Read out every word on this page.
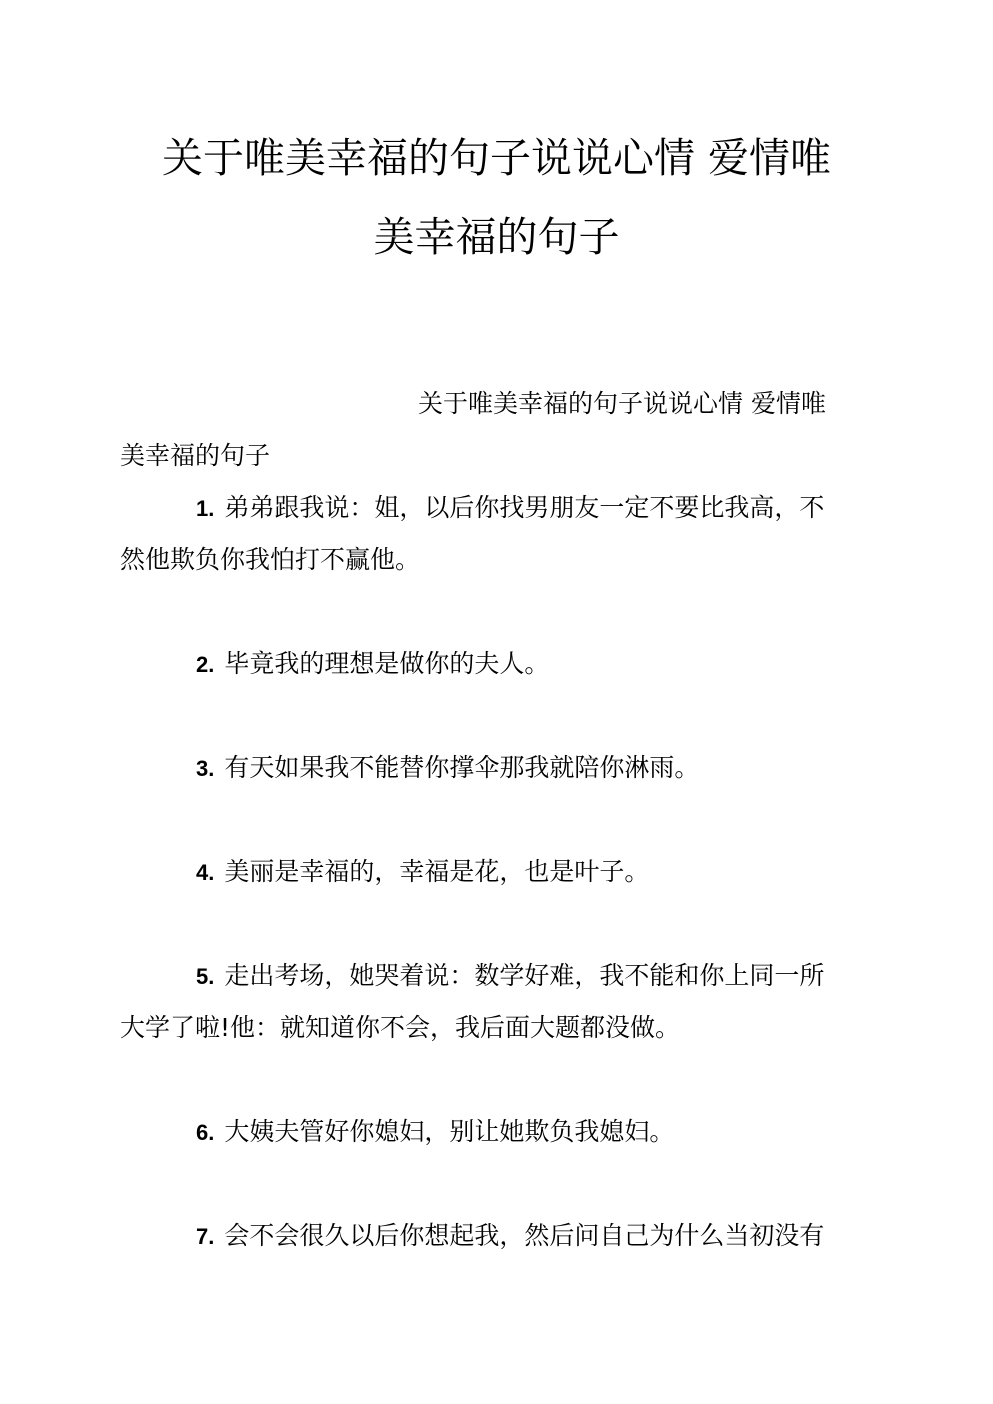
关于唯美幸福的句子说说心情 爱情唯
美幸福的句子
关于唯美幸福的句子说说心情 爱情唯
美幸福的句子
1. 弟弟跟我说：姐，以后你找男朋友一定不要比我高，不
然他欺负你我怕打不赢他。
2. 毕竟我的理想是做你的夫人。
3. 有天如果我不能替你撑伞那我就陪你淋雨。
4. 美丽是幸福的，幸福是花，也是叶子。
5. 走出考场，她哭着说：数学好难，我不能和你上同一所
大学了啦!他：就知道你不会，我后面大题都没做。
6. 大姨夫管好你媳妇，别让她欺负我媳妇。
7. 会不会很久以后你想起我，然后问自己为什么当初没有
